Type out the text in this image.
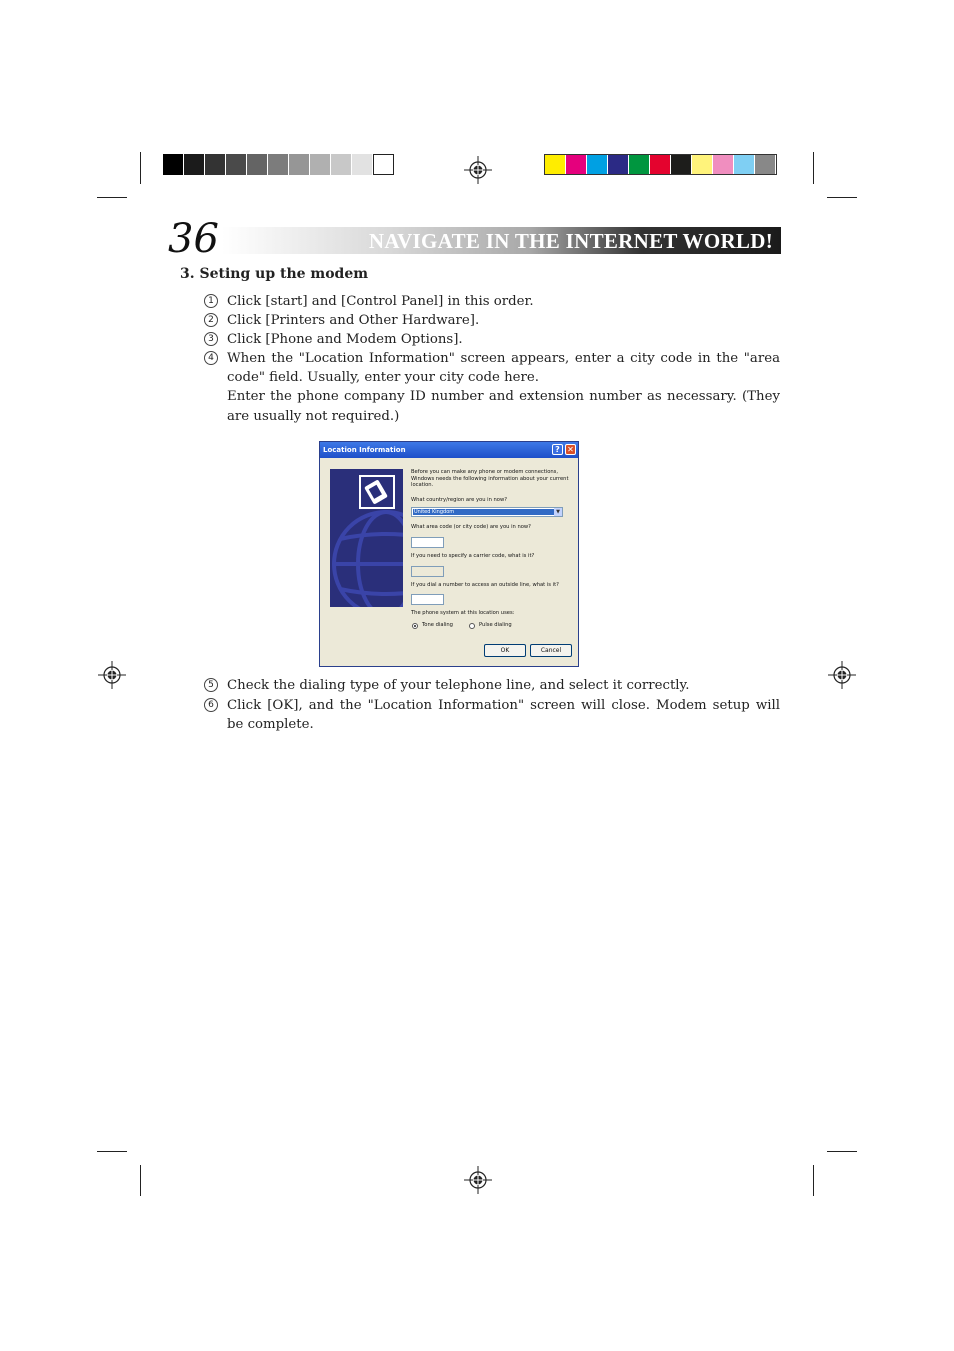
36	NAVIGATE IN THE INTERNET WORLD!
3. Seting up the modem
1 Click [start] and [Control Panel] in this order.
2 Click [Printers and Other Hardware].
3 Click [Phone and Modem Options].
4 When the "Location Information" screen appears, enter a city code in the "area code" field. Usually, enter your city code here.
Enter the phone company ID number and extension number as necessary. (They are usually not required.)
Location Information	? ✕
Before you can make any phone or modem connections, Windows needs the following information about your current location.
What country/region are you in now?
United Kingdom	▼
What area code (or city code) are you in now?
If you need to specify a carrier code, what is it?
If you dial a number to access an outside line, what is it?
The phone system at this location uses:
Tone dialing	Pulse dialing
OK	Cancel
5 Check the dialing type of your telephone line, and select it correctly.
6 Click [OK], and the "Location Information" screen will close. Modem setup will be complete.
